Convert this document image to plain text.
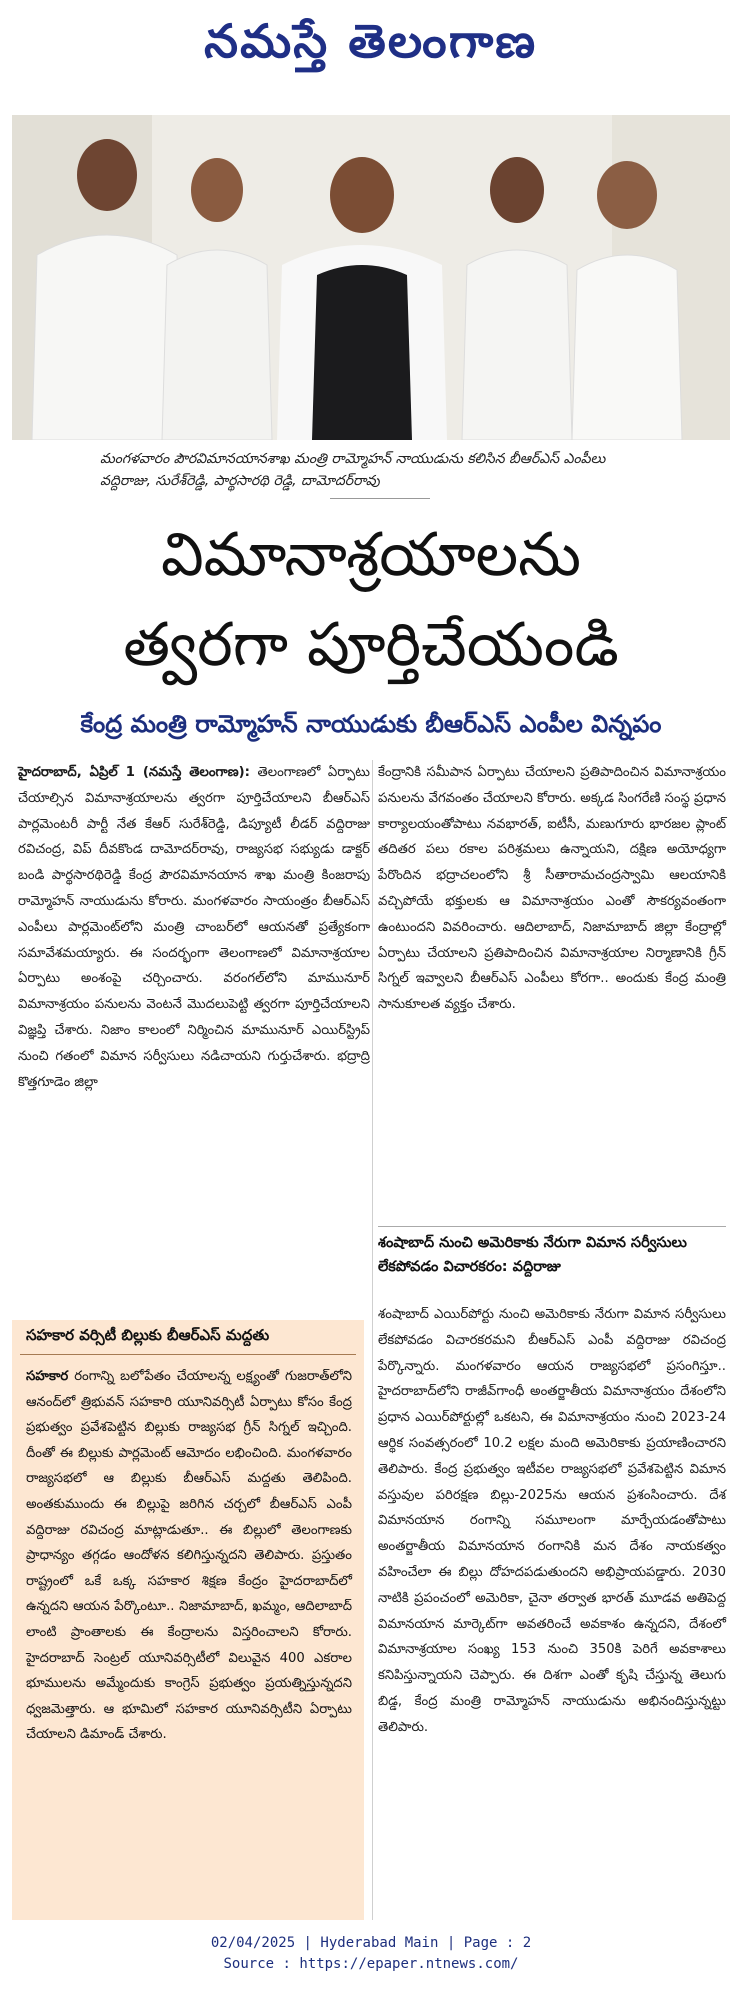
నమస్తే తెలంగాణ
మంగళవారం పౌరవిమానయానశాఖ మంత్రి రామ్మోహన్ నాయుడును కలిసిన బీఆర్‌ఎస్ ఎంపీలు వద్దిరాజు, సురేశ్‌రెడ్డి, పార్థసారథి రెడ్డి, దామోదర్‌రావు
విమానాశ్రయాలను
త్వరగా పూర్తిచేయండి
కేంద్ర మంత్రి రామ్మోహన్ నాయుడుకు బీఆర్‌ఎస్ ఎంపీల విన్నపం
హైదరాబాద్, ఏప్రిల్ 1 (నమస్తే తెలంగాణ): తెలంగాణలో ఏర్పాటు చేయాల్సిన విమానాశ్రయాలను త్వరగా పూర్తిచేయాలని బీఆర్‌ఎస్ పార్లమెంటరీ పార్టీ నేత కేఆర్ సురేశ్‌రెడ్డి, డిప్యూటీ లీడర్ వద్దిరాజు రవిచంద్ర, విప్ దీవకొండ దామోదర్‌రావు, రాజ్యసభ సభ్యుడు డాక్టర్ బండి పార్థసారథిరెడ్డి కేంద్ర పౌరవిమానయాన శాఖ మంత్రి కింజరాపు రామ్మోహన్ నాయుడును కోరారు. మంగళవారం సాయంత్రం బీఆర్‌ఎస్ ఎంపీలు పార్లమెంట్‌లోని మంత్రి చాంబర్‌లో ఆయనతో ప్రత్యేకంగా సమావేశమయ్యారు. ఈ సందర్భంగా తెలంగాణలో విమానాశ్రయాల ఏర్పాటు అంశంపై చర్చించారు. వరంగల్‌లోని మామునూర్ విమానాశ్రయం పనులను వెంటనే మొదలుపెట్టి త్వరగా పూర్తిచేయాలని విజ్ఞప్తి చేశారు. నిజాం కాలంలో నిర్మించిన మామునూర్ ఎయిర్‌స్ట్రిప్ నుంచి గతంలో విమాన సర్వీసులు నడిచాయని గుర్తుచేశారు. భద్రాద్రి కొత్తగూడెం జిల్లా
కేంద్రానికి సమీపాన ఏర్పాటు చేయాలని ప్రతిపాదించిన విమానాశ్రయం పనులను వేగవంతం చేయాలని కోరారు. అక్కడ సింగరేణి సంస్థ ప్రధాన కార్యాలయంతోపాటు నవభారత్, ఐటీసీ, మణుగూరు భారజల ప్లాంట్ తదితర పలు రకాల పరిశ్రమలు ఉన్నాయని, దక్షిణ అయోధ్యగా పేరొందిన భద్రాచలంలోని శ్రీ సీతారామచంద్రస్వామి ఆలయానికి వచ్చిపోయే భక్తులకు ఆ విమానాశ్రయం ఎంతో సౌకర్యవంతంగా ఉంటుందని వివరించారు. ఆదిలాబాద్, నిజామాబాద్ జిల్లా కేంద్రాల్లో ఏర్పాటు చేయాలని ప్రతిపాదించిన విమానాశ్రయాల నిర్మాణానికి గ్రీన్ సిగ్నల్ ఇవ్వాలని బీఆర్‌ఎస్ ఎంపీలు కోరగా.. అందుకు కేంద్ర మంత్రి సానుకూలత వ్యక్తం చేశారు.
శంషాబాద్ నుంచి అమెరికాకు నేరుగా విమాన సర్వీసులు లేకపోవడం విచారకరం: వద్దిరాజు
శంషాబాద్ ఎయిర్‌పోర్టు నుంచి అమెరికాకు నేరుగా విమాన సర్వీసులు లేకపోవడం విచారకరమని బీఆర్‌ఎస్ ఎంపీ వద్దిరాజు రవిచంద్ర పేర్కొన్నారు. మంగళవారం ఆయన రాజ్యసభలో ప్రసంగిస్తూ.. హైదరాబాద్‌లోని రాజీవ్‌గాంధీ అంతర్జాతీయ విమానాశ్రయం దేశంలోని ప్రధాన ఎయిర్‌పోర్టుల్లో ఒకటని, ఈ విమానాశ్రయం నుంచి 2023-24 ఆర్థిక సంవత్సరంలో 10.2 లక్షల మంది అమెరికాకు ప్రయాణించారని తెలిపారు. కేంద్ర ప్రభుత్వం ఇటీవల రాజ్యసభలో ప్రవేశపెట్టిన విమాన వస్తువుల పరిరక్షణ బిల్లు-2025ను ఆయన ప్రశంసించారు. దేశ విమానయాన రంగాన్ని సమూలంగా మార్చేయడంతోపాటు అంతర్జాతీయ విమానయాన రంగానికి మన దేశం నాయకత్వం వహించేలా ఈ బిల్లు దోహదపడుతుందని అభిప్రాయపడ్డారు. 2030 నాటికి ప్రపంచంలో అమెరికా, చైనా తర్వాత భారత్ మూడవ అతిపెద్ద విమానయాన మార్కెట్‌గా అవతరించే అవకాశం ఉన్నదని, దేశంలో విమానాశ్రయాల సంఖ్య 153 నుంచి 350కి పెరిగే అవకాశాలు కనిపిస్తున్నాయని చెప్పారు. ఈ దిశగా ఎంతో కృషి చేస్తున్న తెలుగు బిడ్డ, కేంద్ర మంత్రి రామ్మోహన్ నాయుడును అభినందిస్తున్నట్టు తెలిపారు.
సహకార వర్సిటీ బిల్లుకు బీఆర్‌ఎస్ మద్దతు
సహకార రంగాన్ని బలోపేతం చేయాలన్న లక్ష్యంతో గుజరాత్‌లోని ఆనంద్‌లో త్రిభువన్ సహకారి యూనివర్సిటీ ఏర్పాటు కోసం కేంద్ర ప్రభుత్వం ప్రవేశపెట్టిన బిల్లుకు రాజ్యసభ గ్రీన్ సిగ్నల్ ఇచ్చింది. దీంతో ఈ బిల్లుకు పార్లమెంట్ ఆమోదం లభించింది. మంగళవారం రాజ్యసభలో ఆ బిల్లుకు బీఆర్‌ఎస్ మద్దతు తెలిపింది. అంతకుముందు ఈ బిల్లుపై జరిగిన చర్చలో బీఆర్‌ఎస్ ఎంపీ వద్దిరాజు రవిచంద్ర మాట్లాడుతూ.. ఈ బిల్లులో తెలంగాణకు ప్రాధాన్యం తగ్గడం ఆందోళన కలిగిస్తున్నదని తెలిపారు. ప్రస్తుతం రాష్ట్రంలో ఒకే ఒక్క సహకార శిక్షణ కేంద్రం హైదరాబాద్‌లో ఉన్నదని ఆయన పేర్కొంటూ.. నిజామాబాద్, ఖమ్మం, ఆదిలాబాద్ లాంటి ప్రాంతాలకు ఈ కేంద్రాలను విస్తరించాలని కోరారు. హైదరాబాద్ సెంట్రల్ యూనివర్సిటీలో విలువైన 400 ఎకరాల భూములను అమ్మేందుకు కాంగ్రెస్ ప్రభుత్వం ప్రయత్నిస్తున్నదని ధ్వజమెత్తారు. ఆ భూమిలో సహకార యూనివర్సిటీని ఏర్పాటు చేయాలని డిమాండ్ చేశారు.
02/04/2025 | Hyderabad Main | Page : 2
Source : https://epaper.ntnews.com/
